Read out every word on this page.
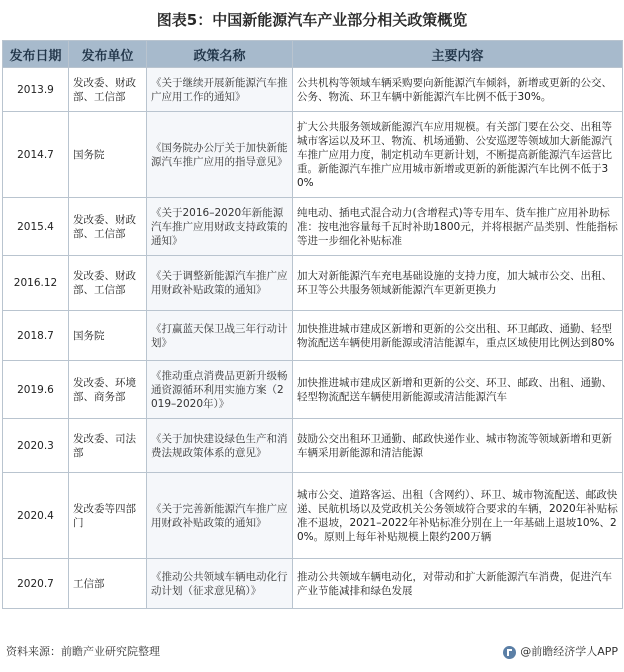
图表5：中国新能源汽车产业部分相关政策概览
发布日期	发布单位	政策名称	主要内容
2013.9	发改委、财政部、工信部	《关于继续开展新能源汽车推广应用工作的通知》	公共机构等领域车辆采购要向新能源汽车倾斜，新增或更新的公交、公务、物流、环卫车辆中新能源汽车比例不低于30%。
2014.7	国务院	《国务院办公厅关于加快新能源汽车推广应用的指导意见》	扩大公共服务领域新能源汽车应用规模。有关部门要在公交、出租等城市客运以及环卫、物流、机场通勤、公安巡逻等领域加大新能源汽车推广应用力度，制定机动车更新计划，不断提高新能源汽车运营比重。新能源汽车推广应用城市新增或更新的新能源汽车比例不低于30%
2015.4	发改委、财政部、工信部	《关于2016–2020年新能源汽车推广应用财政支持政策的通知》	纯电动、插电式混合动力(含增程式)等专用车、货车推广应用补助标准：按电池容量每千瓦时补助1800元，并将根据产品类别、性能指标等进一步细化补贴标准
2016.12	发改委、财政部、工信部	《关于调整新能源汽车推广应用财政补贴政策的通知》	加大对新能源汽车充电基础设施的支持力度，加大城市公交、出租、环卫等公共服务领域新能源汽车更新更换力
2018.7	国务院	《打赢蓝天保卫战三年行动计划》	加快推进城市建成区新增和更新的公交出租、环卫邮政、通勤、轻型物流配送车辆使用新能源或清洁能源车，重点区域使用比例达到80%
2019.6	发改委、环境部、商务部	《推动重点消费品更新升级畅通资源循环利用实施方案（2019–2020年）》	加快推进城市建成区新增和更新的公交、环卫、邮政、出租、通勤、轻型物流配送车辆使用新能源或清洁能源汽车
2020.3	发改委、司法部	《关于加快建设绿色生产和消费法规政策体系的意见》	鼓励公交出租环卫通勤、邮政快递作业、城市物流等领域新增和更新车辆采用新能源和清洁能源
2020.4	发改委等四部门	《关于完善新能源汽车推广应用财政补贴政策的通知》	城市公交、道路客运、出租（含网约）、环卫、城市物流配送、邮政快递、民航机场以及党政机关公务领域符合要求的车辆，2020年补贴标准不退坡，2021–2022年补贴标准分别在上一年基础上退坡10%、20%。原则上每年补贴规模上限约200万辆
2020.7	工信部	《推动公共领域车辆电动化行动计划（征求意见稿）》	推动公共领域车辆电动化，对带动和扩大新能源汽车消费，促进汽车产业节能减排和绿色发展
资料来源：前瞻产业研究院整理	@前瞻经济学人APP
